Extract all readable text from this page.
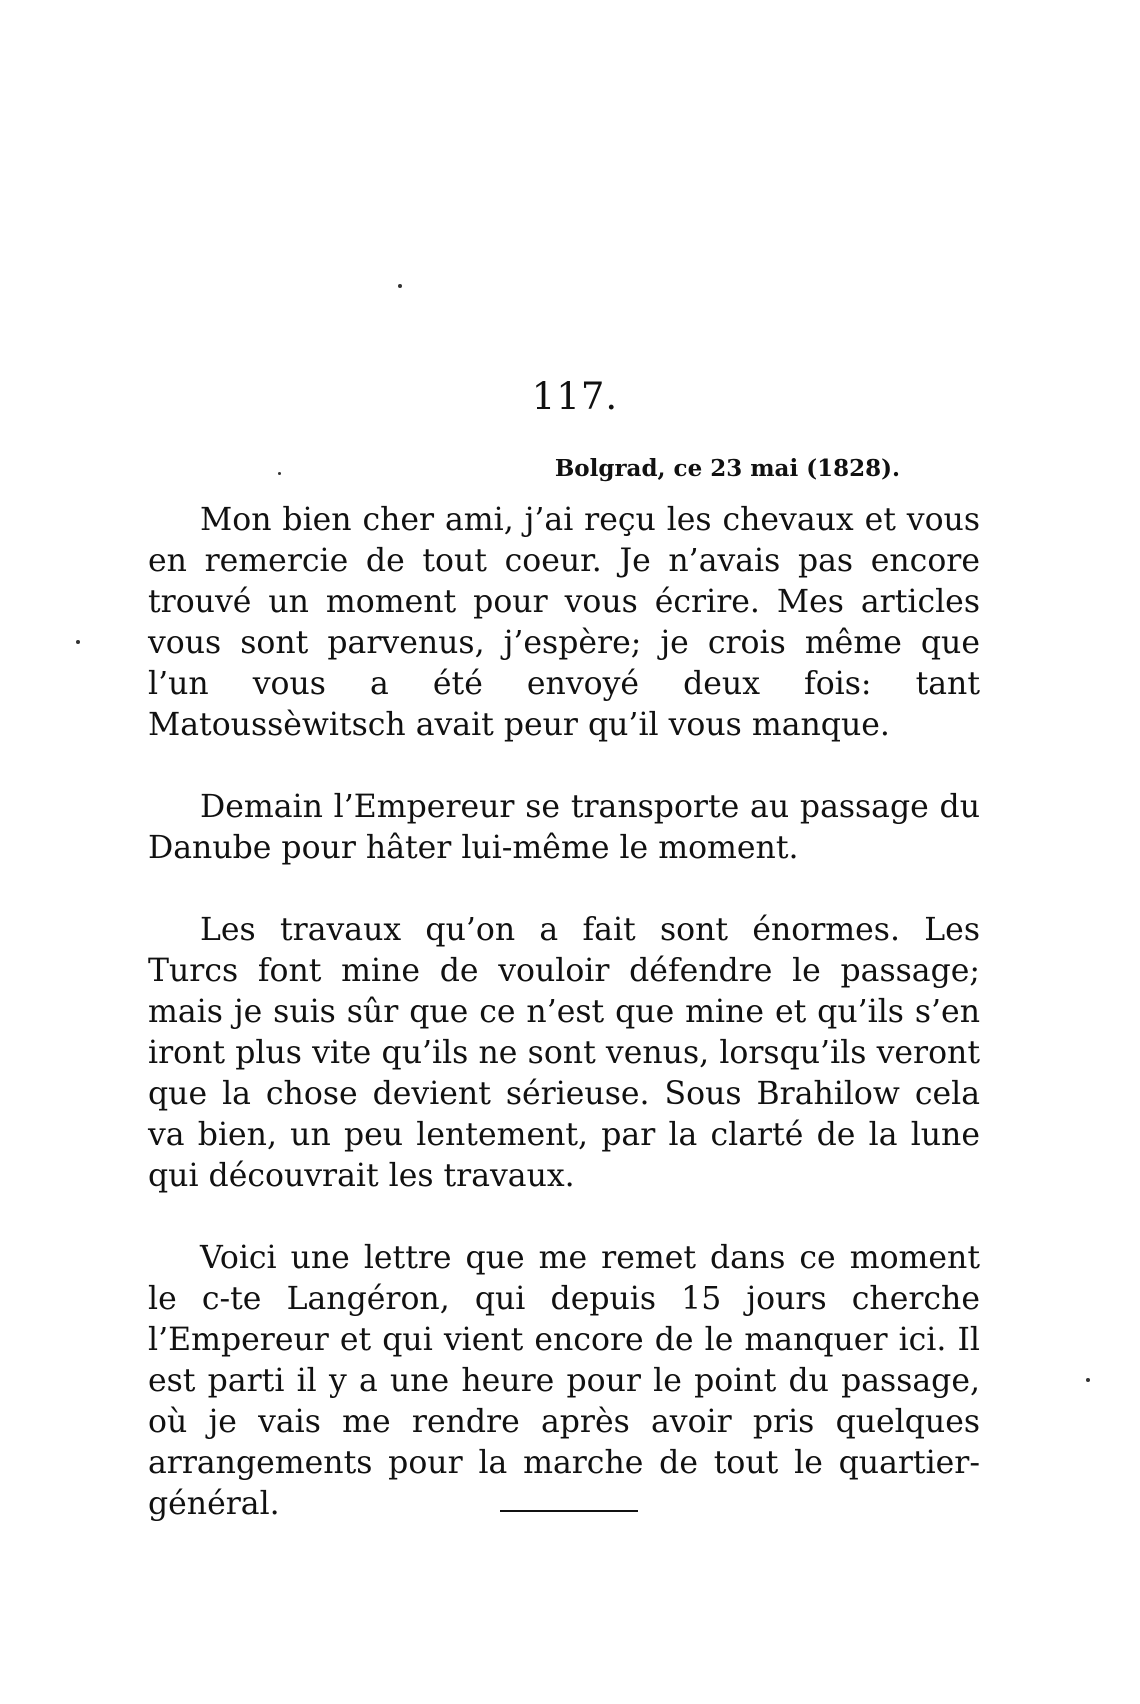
117.
Bolgrad, ce 23 mai (1828).

Mon bien cher ami, j’ai reçu les chevaux et vous en remercie de tout coeur. Je n’avais pas encore trouvé un moment pour vous écrire. Mes articles vous sont parvenus, j’espère; je crois même que l’un vous a été envoyé deux fois: tant Matoussèwitsch avait peur qu’il vous manque.

Demain l’Empereur se transporte au passage du Danube pour hâter lui-même le moment.

Les travaux qu’on a fait sont énormes. Les Turcs font mine de vouloir défendre le passage; mais je suis sûr que ce n’est que mine et qu’ils s’en iront plus vite qu’ils ne sont venus, lorsqu’ils veront que la chose devient sérieuse. Sous Brahilow cela va bien, un peu lentement, par la clarté de la lune qui découvrait les travaux.

Voici une lettre que me remet dans ce moment le c-te Langéron, qui depuis 15 jours cherche l’Empereur et qui vient encore de le manquer ici. Il est parti il y a une heure pour le point du passage, où je vais me rendre après avoir pris quelques arrangements pour la marche de tout le quartier-général.
